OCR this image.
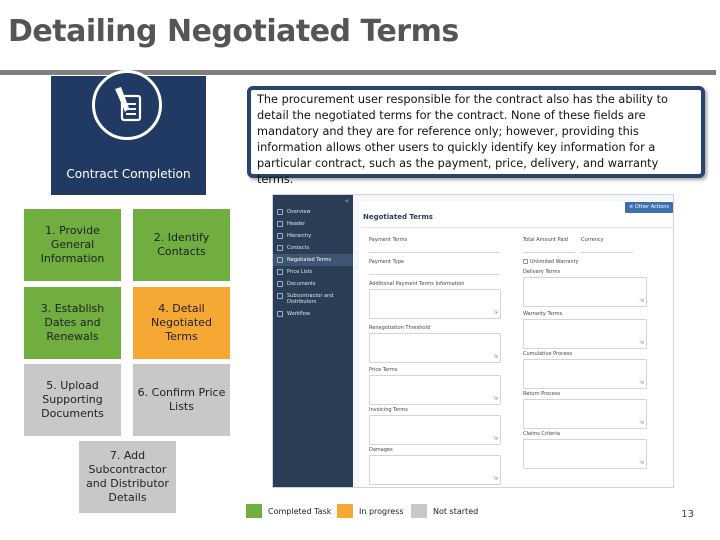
Detailing Negotiated Terms
Contract Completion
1. Provide General Information
2. Identify Contacts
3. Establish Dates and Renewals
4. Detail Negotiated Terms
5. Upload Supporting Documents
6. Confirm Price Lists
7. Add Subcontractor and Distributor Details
The procurement user responsible for the contract also has the ability to detail the negotiated terms for the contract. None of these fields are mandatory and they are for reference only; however, providing this information allows other users to quickly identify key information for a particular contract, such as the payment, price, delivery, and warranty terms.
«
Overview
Header
Hierarchy
Contacts
Negotiated Terms
Price Lists
Documents
Subcontractor and Distributors
Workflow
≡ Other Actions
Negotiated Terms
Payment Terms
Payment Type
Additional Payment Terms Information
⇲
Renegotiation Threshold
⇲
Price Terms
⇲
Invoicing Terms
⇲
Damages
⇲
Total Amount Paid	Currency
Unlimited Warranty
Delivery Terms
⇲
Warranty Terms
⇲
Cumulative Process
⇲
Return Process
⇲
Claims Criteria
⇲
Completed Task	In progress	Not started	13
